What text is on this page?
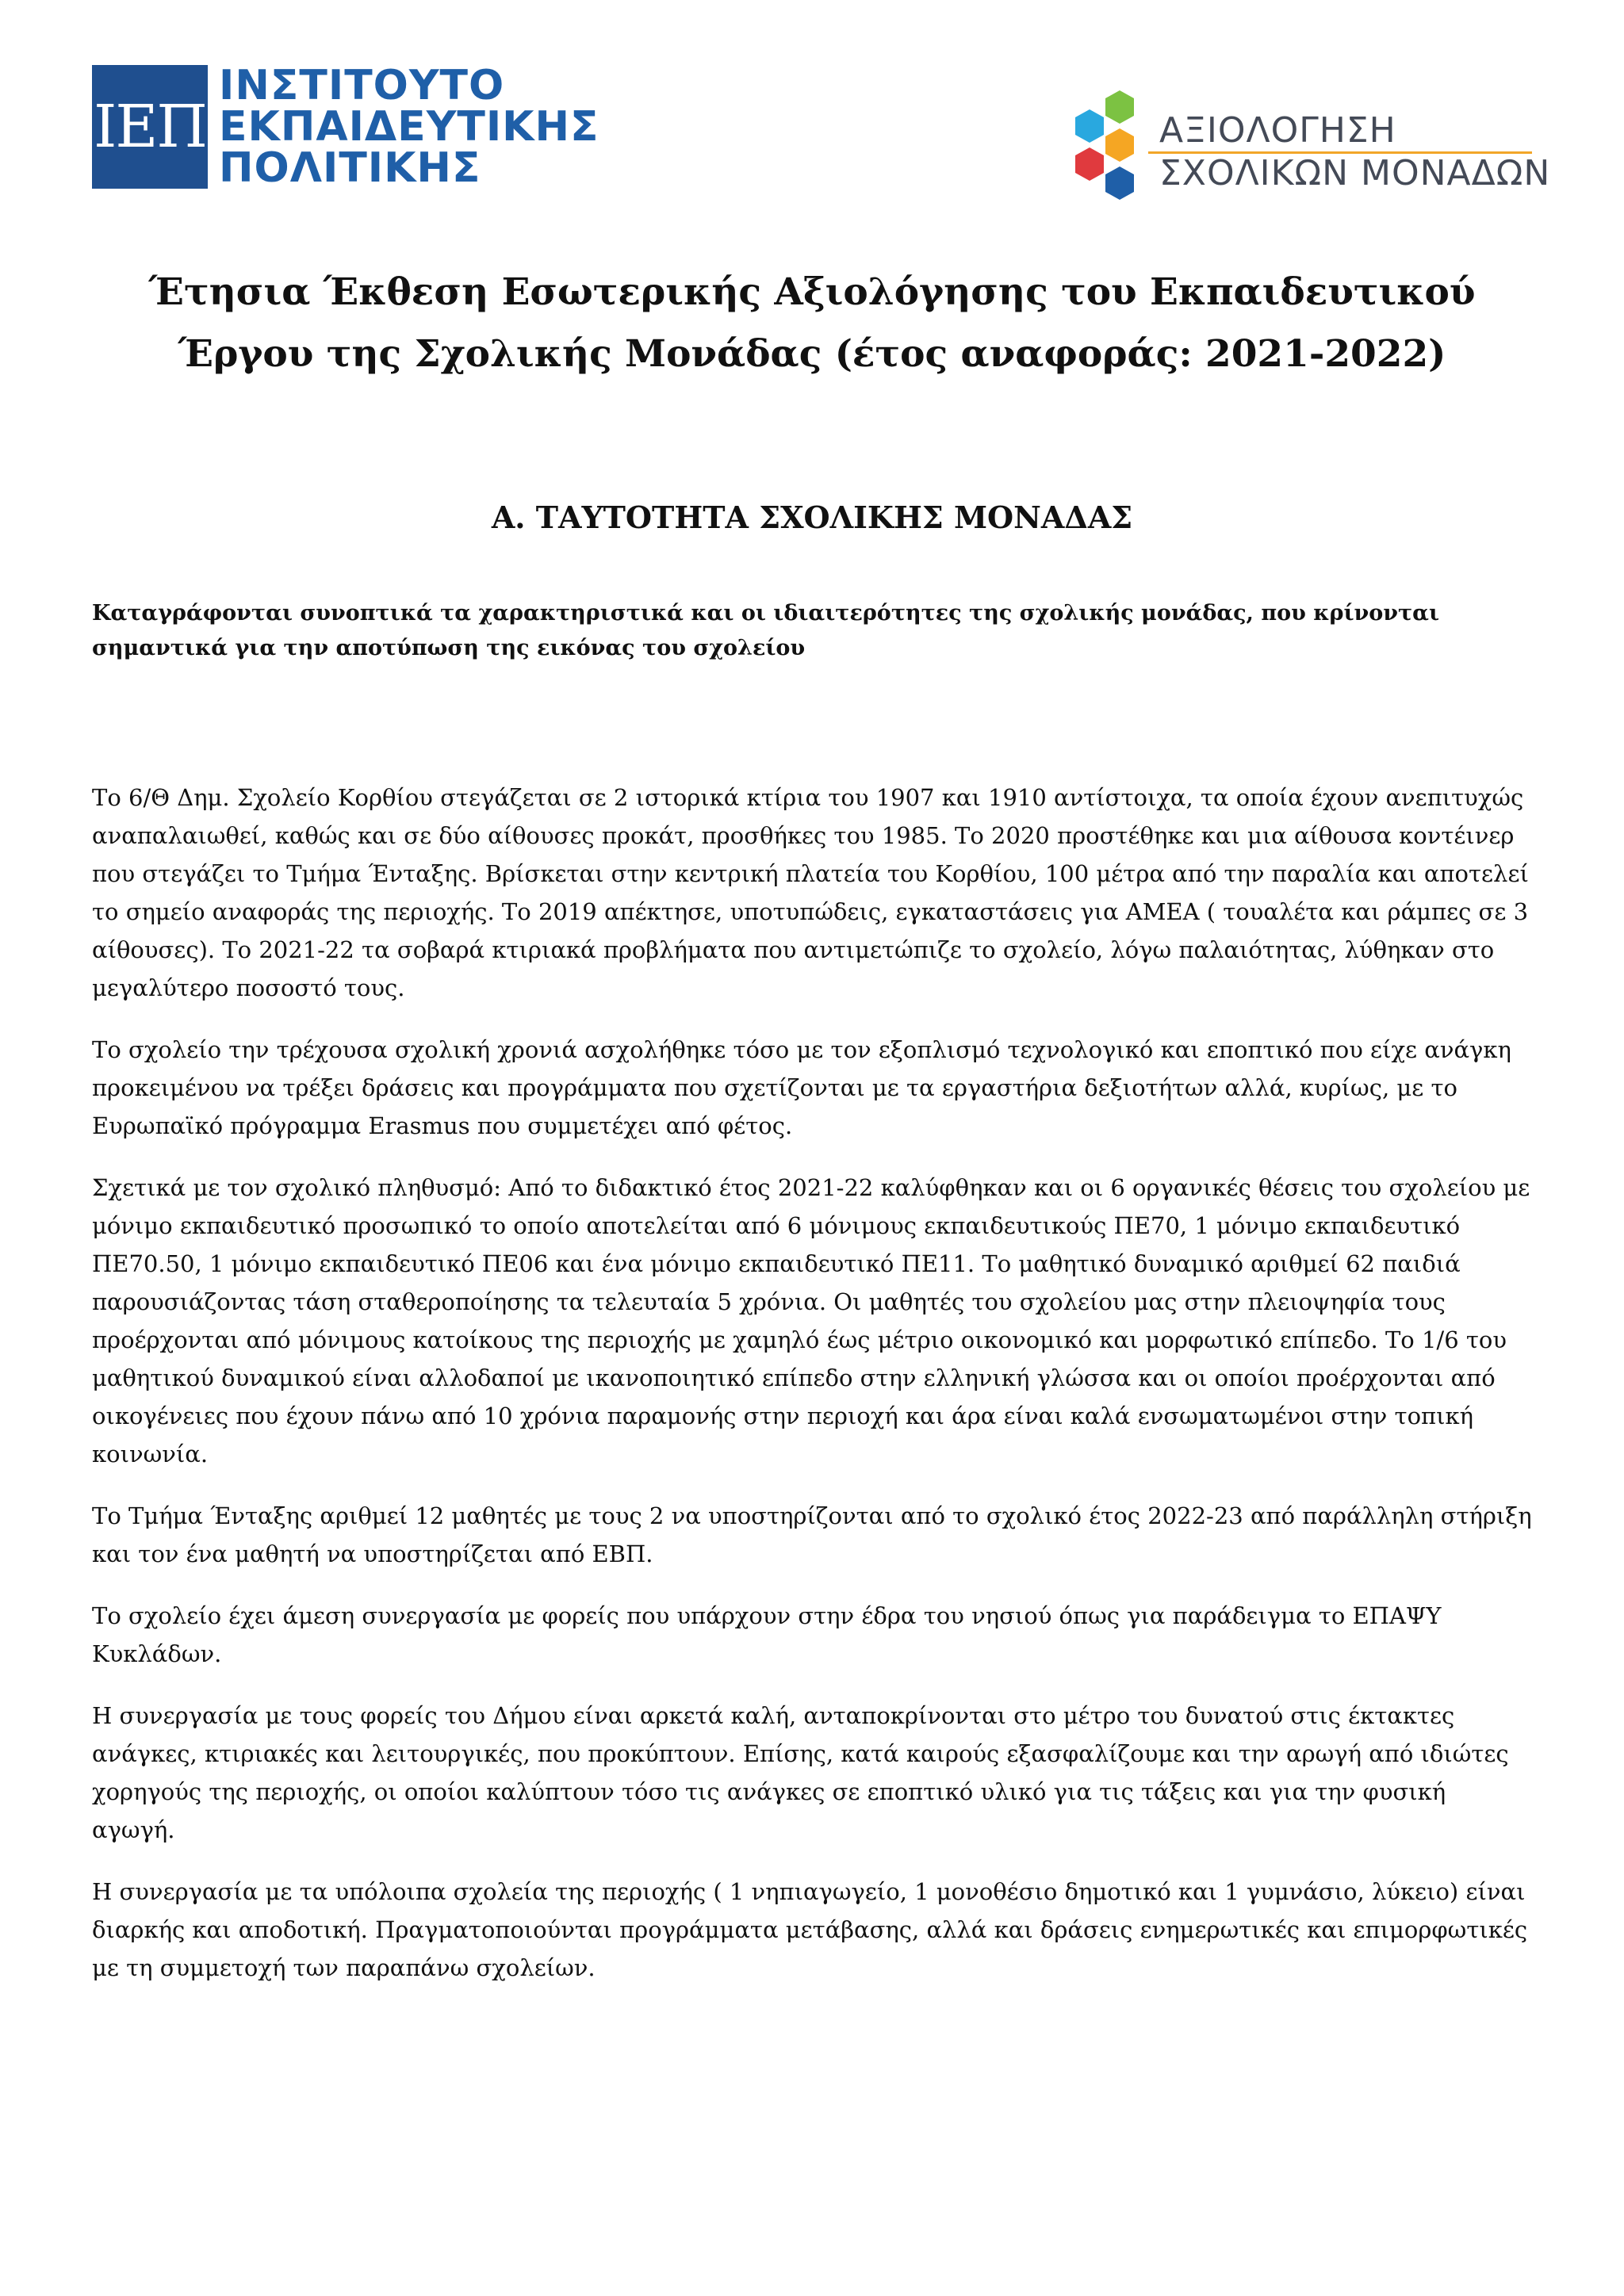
ΙΕΠ
ΙΝΣΤΙΤΟΥΤΟ
ΕΚΠΑΙΔΕΥΤΙΚΗΣ
ΠΟΛΙΤΙΚΗΣ
ΑΞΙΟΛΟΓΗΣΗ
ΣΧΟΛΙΚΩΝ ΜΟΝΑΔΩΝ
Έτησια Έκθεση Εσωτερικής Αξιολόγησης του Εκπαιδευτικού
Έργου της Σχολικής Μονάδας (έτος αναφοράς: 2021-2022)
Α. ΤΑΥΤΟΤΗΤΑ ΣΧΟΛΙΚΗΣ ΜΟΝΑΔΑΣ
Καταγράφονται συνοπτικά τα χαρακτηριστικά και οι ιδιαιτερότητες της σχολικής μονάδας, που κρίνονται σημαντικά για την αποτύπωση της εικόνας του σχολείου

Το 6/Θ Δημ. Σχολείο Κορθίου στεγάζεται σε 2 ιστορικά κτίρια του 1907 και 1910 αντίστοιχα, τα οποία έχουν ανεπιτυχώς αναπαλαιωθεί, καθώς και σε δύο αίθουσες προκάτ, προσθήκες του 1985. Το 2020 προστέθηκε και μια αίθουσα κοντέινερ που στεγάζει το Τμήμα Ένταξης. Βρίσκεται στην κεντρική πλατεία του Κορθίου, 100 μέτρα από την παραλία και αποτελεί το σημείο αναφοράς της περιοχής. Το 2019 απέκτησε, υποτυπώδεις, εγκαταστάσεις για ΑΜΕΑ ( τουαλέτα και ράμπες σε 3 αίθουσες). Το 2021-22 τα σοβαρά κτιριακά προβλήματα που αντιμετώπιζε το σχολείο, λόγω παλαιότητας, λύθηκαν στο μεγαλύτερο ποσοστό τους.

Το σχολείο την τρέχουσα σχολική χρονιά ασχολήθηκε τόσο με τον εξοπλισμό τεχνολογικό και εποπτικό που είχε ανάγκη προκειμένου να τρέξει δράσεις και προγράμματα που σχετίζονται με τα εργαστήρια δεξιοτήτων αλλά, κυρίως, με το Ευρωπαϊκό πρόγραμμα Erasmus που συμμετέχει από φέτος.

Σχετικά με τον σχολικό πληθυσμό: Από το διδακτικό έτος 2021-22 καλύφθηκαν και οι 6 οργανικές θέσεις του σχολείου με μόνιμο εκπαιδευτικό προσωπικό το οποίο αποτελείται από 6 μόνιμους εκπαιδευτικούς ΠΕ70, 1 μόνιμο εκπαιδευτικό ΠΕ70.50, 1 μόνιμο εκπαιδευτικό ΠΕ06 και ένα μόνιμο εκπαιδευτικό ΠΕ11. Το μαθητικό δυναμικό αριθμεί 62 παιδιά παρουσιάζοντας τάση σταθεροποίησης τα τελευταία 5 χρόνια. Οι μαθητές του σχολείου μας στην πλειοψηφία τους προέρχονται από μόνιμους κατοίκους της περιοχής με χαμηλό έως μέτριο οικονομικό και μορφωτικό επίπεδο. Το 1/6 του μαθητικού δυναμικού είναι αλλοδαποί με ικανοποιητικό επίπεδο στην ελληνική γλώσσα και οι οποίοι προέρχονται από οικογένειες που έχουν πάνω από 10 χρόνια παραμονής στην περιοχή και άρα είναι καλά ενσωματωμένοι στην τοπική κοινωνία.

Το Τμήμα Ένταξης αριθμεί 12 μαθητές με τους 2 να υποστηρίζονται από το σχολικό έτος 2022-23 από παράλληλη στήριξη και τον ένα μαθητή να υποστηρίζεται από ΕΒΠ.

Το σχολείο έχει άμεση συνεργασία με φορείς που υπάρχουν στην έδρα του νησιού όπως για παράδειγμα το ΕΠΑΨΥ Κυκλάδων.

Η συνεργασία με τους φορείς του Δήμου είναι αρκετά καλή, ανταποκρίνονται στο μέτρο του δυνατού στις έκτακτες ανάγκες, κτιριακές και λειτουργικές, που προκύπτουν. Επίσης, κατά καιρούς εξασφαλίζουμε και την αρωγή από ιδιώτες χορηγούς της περιοχής, οι οποίοι καλύπτουν τόσο τις ανάγκες σε εποπτικό υλικό για τις τάξεις και για την φυσική αγωγή.

Η συνεργασία με τα υπόλοιπα σχολεία της περιοχής ( 1 νηπιαγωγείο, 1 μονοθέσιο δημοτικό και 1 γυμνάσιο, λύκειο) είναι διαρκής και αποδοτική. Πραγματοποιούνται προγράμματα μετάβασης, αλλά και δράσεις ενημερωτικές και επιμορφωτικές με τη συμμετοχή των παραπάνω σχολείων.
